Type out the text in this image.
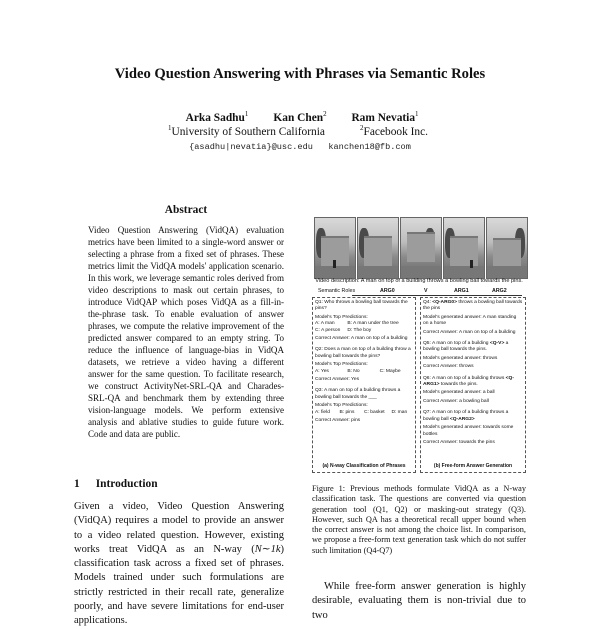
Video Question Answering with Phrases via Semantic Roles
Arka Sadhu$^1$	Kan Chen$^2$	Ram Nevatia$^1$
$^1$University of Southern California	$^2$Facebook Inc.
{asadhu|nevatia}@usc.edu   kanchen18@fb.com
Abstract
Video Question Answering (VidQA) evaluation metrics have been limited to a single-word answer or selecting a phrase from a fixed set of phrases. These metrics limit the VidQA models' application scenario. In this work, we leverage semantic roles derived from video descriptions to mask out certain phrases, to introduce VidQAP which poses VidQA as a fill-in-the-phrase task. To enable evaluation of answer phrases, we compute the relative improvement of the predicted answer compared to an empty string. To reduce the influence of language-bias in VidQA datasets, we retrieve a video having a different answer for the same question. To facilitate research, we construct ActivityNet-SRL-QA and Charades-SRL-QA and benchmark them by extending three vision-language models. We perform extensive analysis and ablative studies to guide future work. Code and data are public.
1 Introduction
Given a video, Video Question Answering (VidQA) requires a model to provide an answer to a video related question. However, existing works treat VidQA as an N-way (N∼1k) classification task across a fixed set of phrases. Models trained under such formulations are strictly restricted in their recall rate, generalize poorly, and have severe limitations for end-user applications.
Video description: A man on top of a building throws a bowling ball towards the pins.
Semantic Roles	ARG0	V	ARG1	ARG2
Q1: Who throws a bowling ball towards the pins?
Model's Top Predictions:
A: A man	B: A man under the tree
C: A person	D: The boy
Correct Answer: A man on top of a building
Q2: Does a man on top of a building throw a bowling ball towards the pins?
Model's Top Predictions:
A: Yes	B: No	C: Maybe
Correct Answer: Yes
Q3: A man on top of a building throws a bowling ball towards the ___
Model's Top Predictions:
A: field	B: pins	C: basket	D: man
Correct Answer: pins
(a) N-way Classification of Phrases
Q4: <Q-ARG0> throws a bowling ball towards the pins
Model's generated answer: A man standing on a horse
Correct Answer: A man on top of a building
Q5: A man on top of a building <Q-V> a bowling ball towards the pins.
Model's generated answer: throws
Correct Answer: throws
Q6: A man on top of a building throws <Q-ARG1> towards the pins.
Model's generated answer: a ball
Correct Answer: a bowling ball
Q7: A man on top of a building throws a bowling ball <Q-ARG2>
Model's generated answer: towards some bottles
Correct Answer: towards the pins
(b) Free-form Answer Generation
Figure 1: Previous methods formulate VidQA as a N-way classification task. The questions are converted via question generation tool (Q1, Q2) or masking-out strategy (Q3). However, such QA has a theoretical recall upper bound when the correct answer is not among the choice list. In comparison, we propose a free-form text generation task which do not suffer such limitation (Q4-Q7)
While free-form answer generation is highly desirable, evaluating them is non-trivial due to two
